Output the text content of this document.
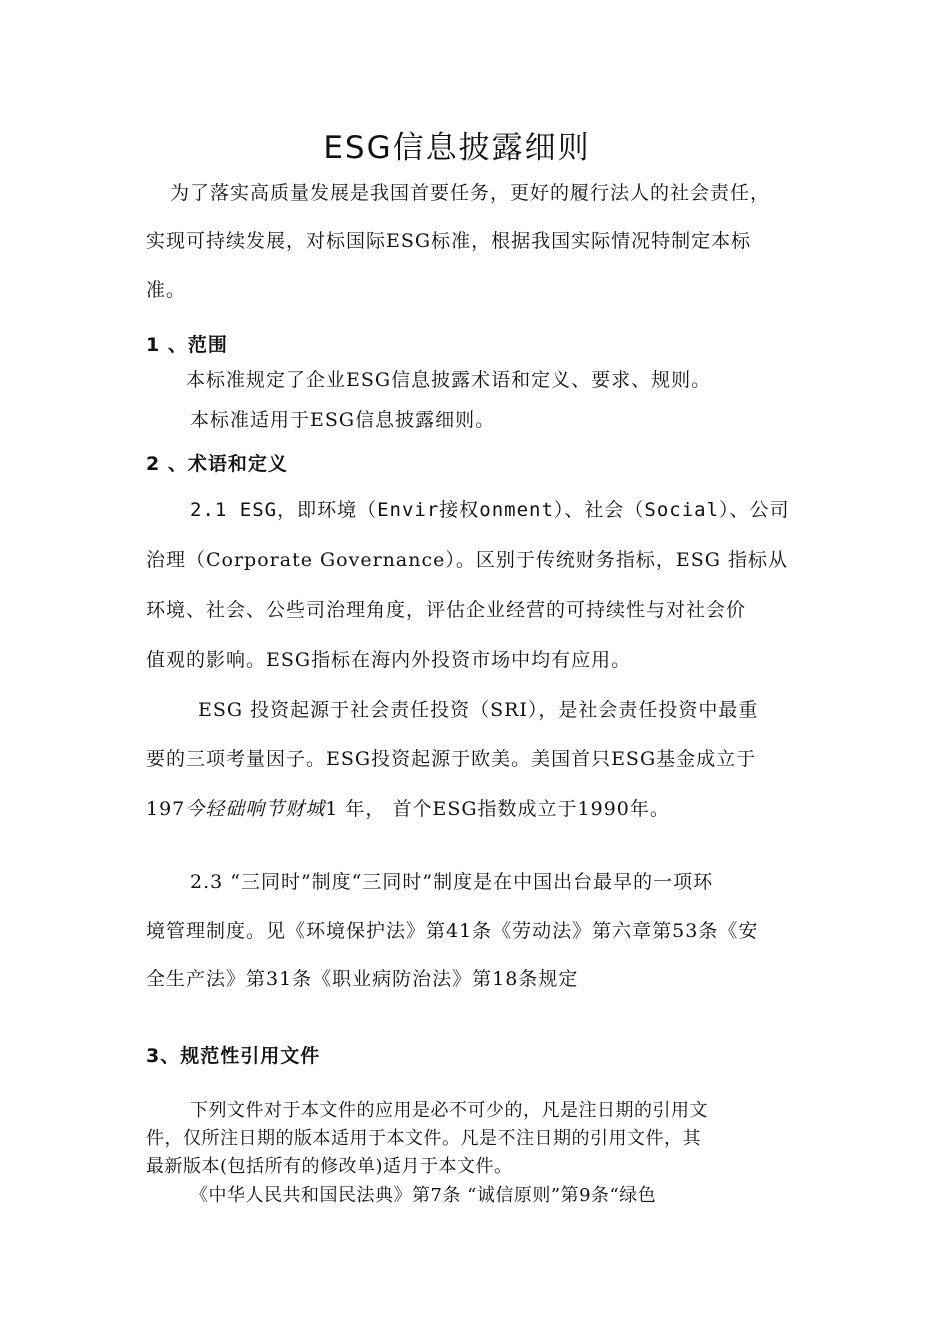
ESG信息披露细则
为了落实高质量发展是我国首要任务，更好的履行法人的社会责任，
实现可持续发展，对标国际ESG标准，根据我国实际情况特制定本标
准。
1 、范围
本标准规定了企业ESG信息披露术语和定义、要求、规则。
本标准适用于ESG信息披露细则。
2 、术语和定义
2.1 ESG，即环境（Envir接权onment）、社会（Social）、公司
治理（Corporate Governance）。区别于传统财务指标，ESG 指标从
环境、社会、公些司治理角度，评估企业经营的可持续性与对社会价
值观的影响。ESG指标在海内外投资市场中均有应用。
ESG 投资起源于社会责任投资（SRI），是社会责任投资中最重
要的三项考量因子。ESG投资起源于欧美。美国首只ESG基金成立于
197今轻础响节财城1 年， 首个ESG指数成立于1990年。
2.3 “三同时”制度“三同时”制度是在中国出台最早的一项环
境管理制度。见《环境保护法》第41条《劳动法》第六章第53条《安
全生产法》第31条《职业病防治法》第18条规定
3、规范性引用文件
下列文件对于本文件的应用是必不可少的，凡是注日期的引用文
件，仅所注日期的版本适用于本文件。凡是不注日期的引用文件，其
最新版本(包括所有的修改单)适月于本文件。
《中华人民共和国民法典》第7条 “诚信原则”第9条“绿色
